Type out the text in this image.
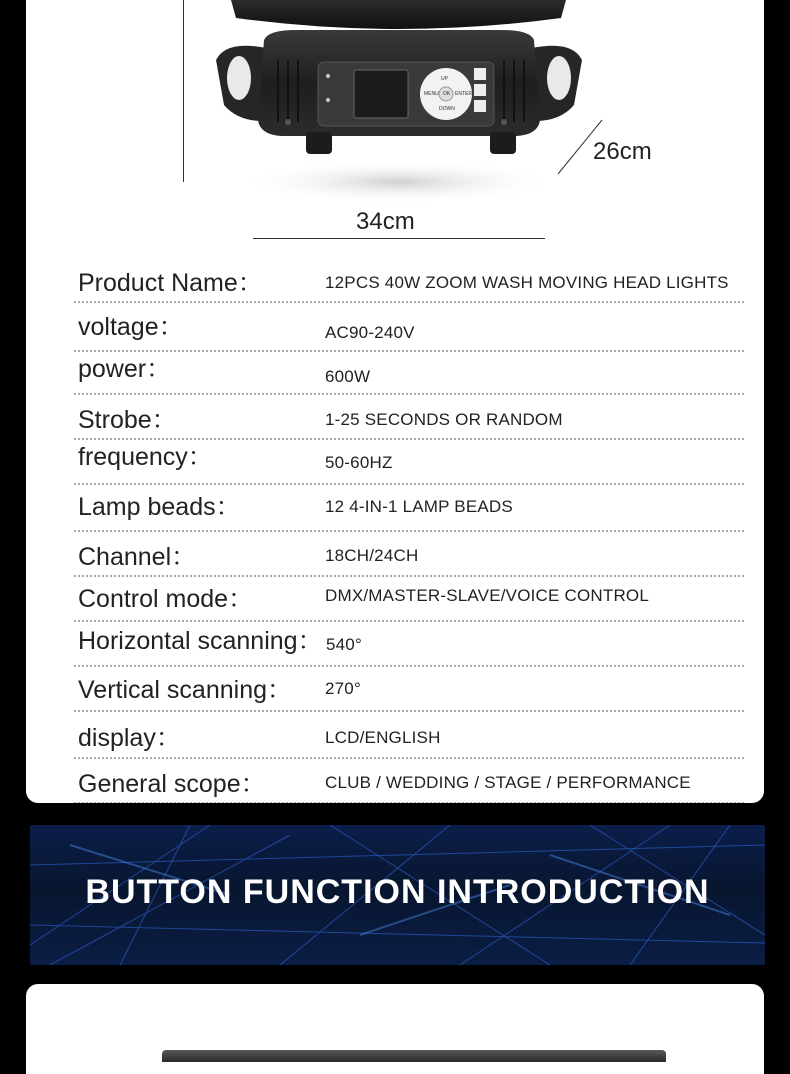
UP
MENU OK ENTER
DOWN
26cm
34cm
Product Name：	12PCS 40W ZOOM WASH MOVING HEAD LIGHTS
voltage：	AC90-240V
power：	600W
Strobe：	1-25 SECONDS OR RANDOM
frequency：	50-60HZ
Lamp beads：	12 4-IN-1 LAMP BEADS
Channel：	18CH/24CH
Control mode：	DMX/MASTER-SLAVE/VOICE CONTROL
Horizontal scanning： 540°
Vertical scanning： 270°
display：	LCD/ENGLISH
General scope：	CLUB / WEDDING / STAGE / PERFORMANCE
BUTTON FUNCTION INTRODUCTION
